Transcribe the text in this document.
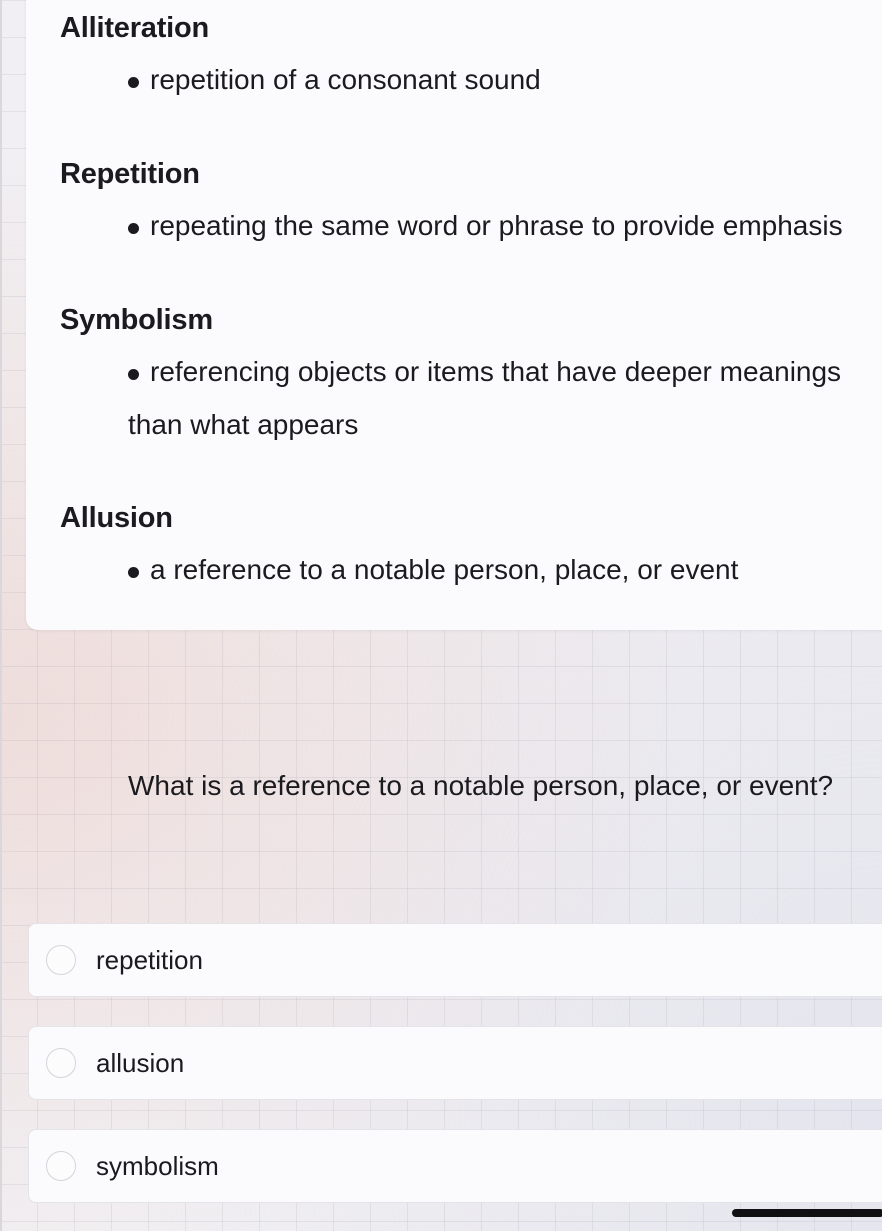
Alliteration
repetition of a consonant sound
Repetition
repeating the same word or phrase to provide emphasis
Symbolism
referencing objects or items that have deeper meanings
than what appears
Allusion
a reference to a notable person, place, or event
What is a reference to a notable person, place, or event?
repetition
allusion
symbolism
